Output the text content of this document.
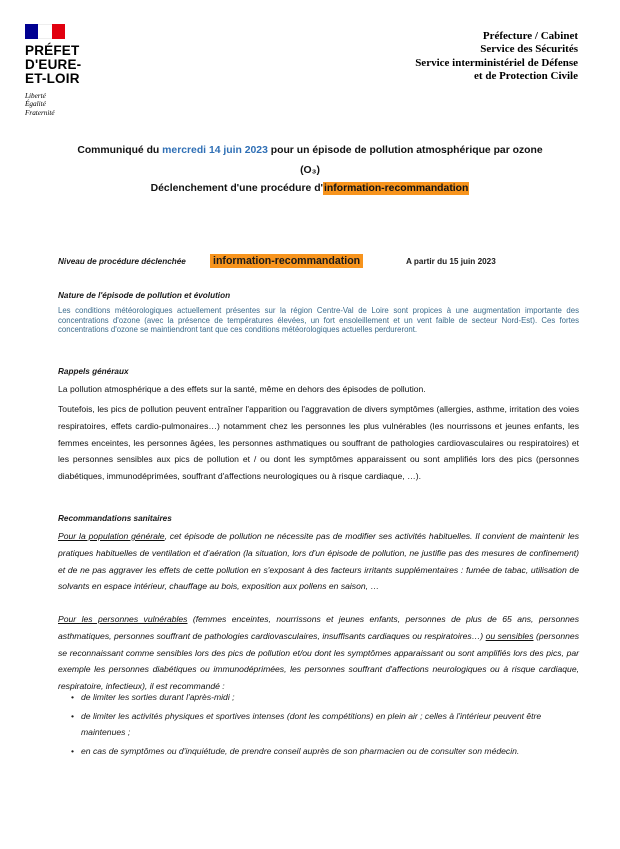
PRÉFET
D'EURE-
ET-LOIR
Liberté
Égalité
Fraternité
Préfecture / Cabinet
Service des Sécurités
Service interministériel de Défense
et de Protection Civile
Communiqué du mercredi 14 juin 2023 pour un épisode de pollution atmosphérique par ozone
(O₃)
Déclenchement d'une procédure d'information-recommandation
Niveau de procédure déclenchée	information-recommandation	A partir du 15 juin 2023
Nature de l'épisode de pollution et évolution
Les conditions météorologiques actuellement présentes sur la région Centre-Val de Loire sont propices à une augmentation importante des concentrations d'ozone (avec la présence de températures élevées, un fort ensoleillement et un vent faible de secteur Nord-Est). Ces fortes concentrations d'ozone se maintiendront tant que ces conditions météorologiques actuelles perdureront.
Rappels généraux
La pollution atmosphérique a des effets sur la santé, même en dehors des épisodes de pollution.
Toutefois, les pics de pollution peuvent entraîner l'apparition ou l'aggravation de divers symptômes (allergies, asthme, irritation des voies respiratoires, effets cardio-pulmonaires…) notamment chez les personnes les plus vulnérables (les nourrissons et jeunes enfants, les femmes enceintes, les personnes âgées, les personnes asthmatiques ou souffrant de pathologies cardiovasculaires ou respiratoires) et les personnes sensibles aux pics de pollution et / ou dont les symptômes apparaissent ou sont amplifiés lors des pics (personnes diabétiques, immunodéprimées, souffrant d'affections neurologiques ou à risque cardiaque, …).
Recommandations sanitaires
Pour la population générale, cet épisode de pollution ne nécessite pas de modifier ses activités habituelles. Il convient de maintenir les pratiques habituelles de ventilation et d'aération (la situation, lors d'un épisode de pollution, ne justifie pas des mesures de confinement) et de ne pas aggraver les effets de cette pollution en s'exposant à des facteurs irritants supplémentaires : fumée de tabac, utilisation de solvants en espace intérieur, chauffage au bois, exposition aux pollens en saison, …
Pour les personnes vulnérables (femmes enceintes, nourrissons et jeunes enfants, personnes de plus de 65 ans, personnes asthmatiques, personnes souffrant de pathologies cardiovasculaires, insuffisants cardiaques ou respiratoires…) ou sensibles (personnes se reconnaissant comme sensibles lors des pics de pollution et/ou dont les symptômes apparaissant ou sont amplifiés lors des pics, par exemple les personnes diabétiques ou immunodéprimées, les personnes souffrant d'affections neurologiques ou à risque cardiaque, respiratoire, infectieux), il est recommandé :
• de limiter les sorties durant l'après-midi ;
• de limiter les activités physiques et sportives intenses (dont les compétitions) en plein air ; celles à l'intérieur peuvent être maintenues ;
• en cas de symptômes ou d'inquiétude, de prendre conseil auprès de son pharmacien ou de consulter son médecin.
